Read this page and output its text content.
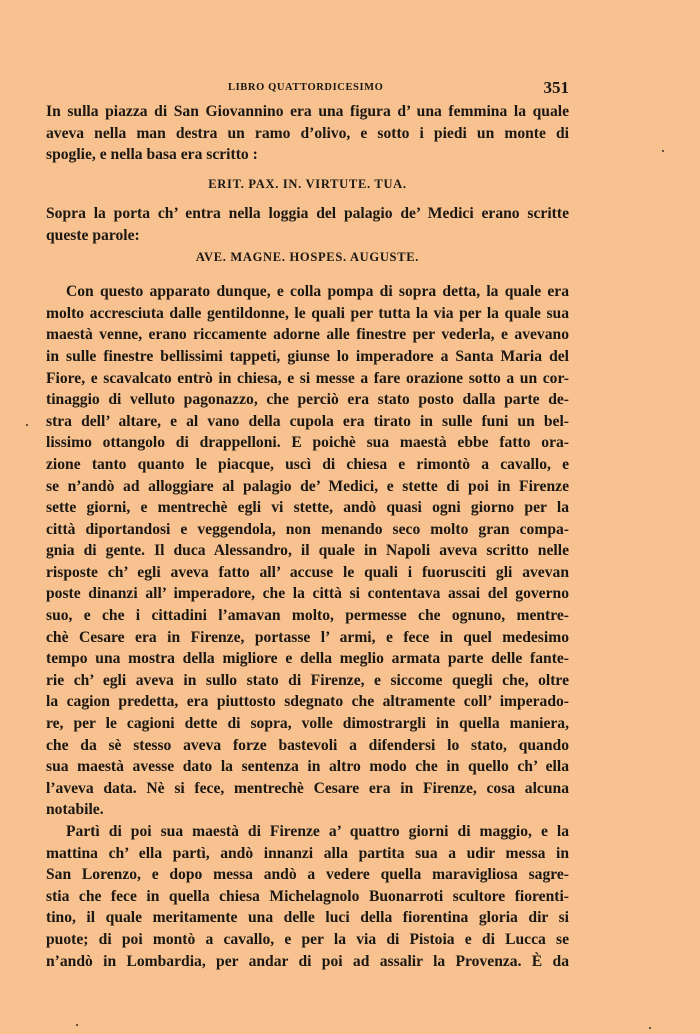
LIBRO QUATTORDICESIMO	351
In sulla piazza di San Giovannino era una figura d’ una femmina la quale
aveva nella man destra un ramo d’olivo, e sotto i piedi un monte di
spoglie, e nella basa era scritto :
ERIT. PAX. IN. VIRTUTE. TUA.
Sopra la porta ch’ entra nella loggia del palagio de’ Medici erano scritte
queste parole:
AVE. MAGNE. HOSPES. AUGUSTE.
Con questo apparato dunque, e colla pompa di sopra detta, la quale era
molto accresciuta dalle gentildonne, le quali per tutta la via per la quale sua
maestà venne, erano riccamente adorne alle finestre per vederla, e avevano
in sulle finestre bellissimi tappeti, giunse lo imperadore a Santa Maria del
Fiore, e scavalcato entrò in chiesa, e si messe a fare orazione sotto a un cor-
tinaggio di velluto pagonazzo, che perciò era stato posto dalla parte de-
stra dell’ altare, e al vano della cupola era tirato in sulle funi un bel-
lissimo ottangolo di drappelloni. E poichè sua maestà ebbe fatto ora-
zione tanto quanto le piacque, uscì di chiesa e rimontò a cavallo, e
se n’andò ad alloggiare al palagio de’ Medici, e stette di poi in Firenze
sette giorni, e mentrechè egli vi stette, andò quasi ogni giorno per la
città diportandosi e veggendola, non menando seco molto gran compa-
gnia di gente. Il duca Alessandro, il quale in Napoli aveva scritto nelle
risposte ch’ egli aveva fatto all’ accuse le quali i fuorusciti gli avevan
poste dinanzi all’ imperadore, che la città si contentava assai del governo
suo, e che i cittadini l’amavan molto, permesse che ognuno, mentre-
chè Cesare era in Firenze, portasse l’ armi, e fece in quel medesimo
tempo una mostra della migliore e della meglio armata parte delle fante-
rie ch’ egli aveva in sullo stato di Firenze, e siccome quegli che, oltre
la cagion predetta, era piuttosto sdegnato che altramente coll’ imperado-
re, per le cagioni dette di sopra, volle dimostrargli in quella maniera,
che da sè stesso aveva forze bastevoli a difendersi lo stato, quando
sua maestà avesse dato la sentenza in altro modo che in quello ch’ ella
l’aveva data. Nè si fece, mentrechè Cesare era in Firenze, cosa alcuna
notabile.
Partì di poi sua maestà di Firenze a’ quattro giorni di maggio, e la
mattina ch’ ella partì, andò innanzi alla partita sua a udir messa in
San Lorenzo, e dopo messa andò a vedere quella maravigliosa sagre-
stia che fece in quella chiesa Michelagnolo Buonarroti scultore fiorenti-
tino, il quale meritamente una delle luci della fiorentina gloria dir si
puote; di poi montò a cavallo, e per la via di Pistoia e di Lucca se
n’andò in Lombardia, per andar di poi ad assalir la Provenza. È da
